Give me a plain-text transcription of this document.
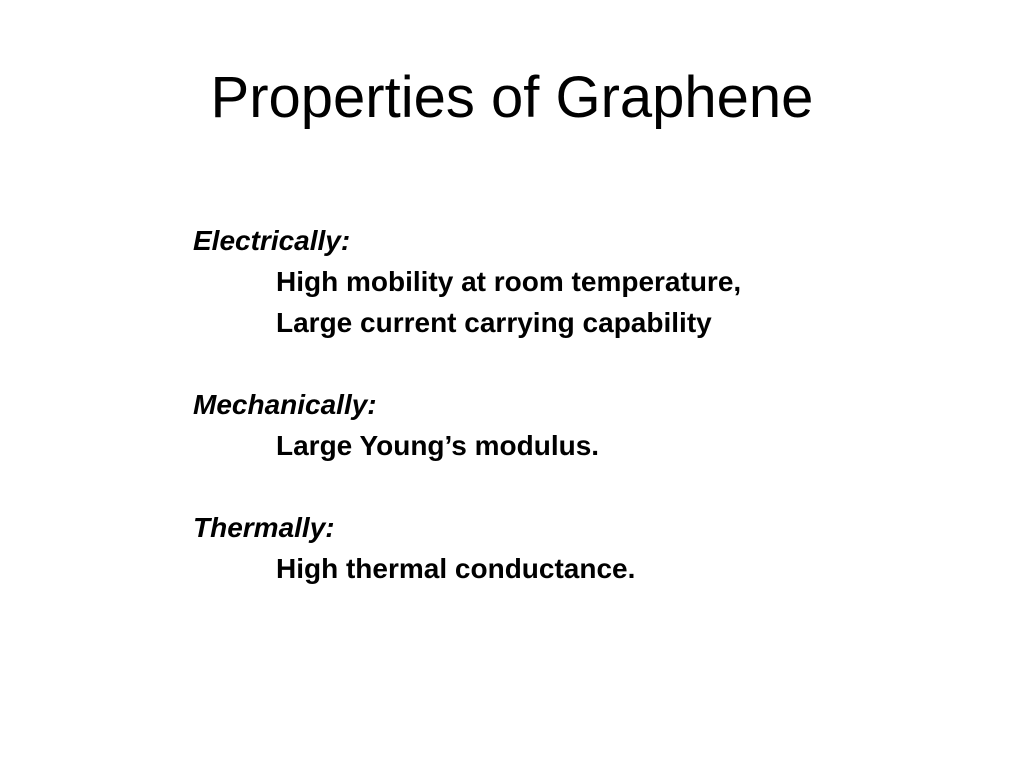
Properties of Graphene
Electrically:
High mobility at room temperature,
Large current carrying capability
Mechanically:
Large Young’s modulus.
Thermally:
High thermal conductance.
